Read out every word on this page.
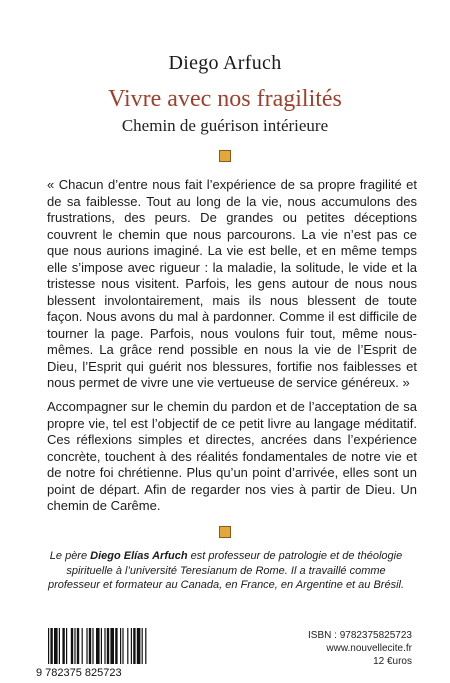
Diego Arfuch
Vivre avec nos fragilités
Chemin de guérison intérieure
« Chacun d’entre nous fait l’expérience de sa propre fragilité et de sa faiblesse. Tout au long de la vie, nous accumulons des frustrations, des peurs. De grandes ou petites déceptions couvrent le chemin que nous parcourons. La vie n’est pas ce que nous aurions imaginé. La vie est belle, et en même temps elle s’impose avec rigueur : la maladie, la solitude, le vide et la tristesse nous visitent. Parfois, les gens autour de nous nous blessent involontairement, mais ils nous blessent de toute façon. Nous avons du mal à pardonner. Comme il est difficile de tourner la page. Parfois, nous voulons fuir tout, même nous-mêmes. La grâce rend possible en nous la vie de l’Esprit de Dieu, l’Esprit qui guérit nos blessures, fortifie nos faiblesses et nous permet de vivre une vie vertueuse de service généreux. »
Accompagner sur le chemin du pardon et de l’acceptation de sa propre vie, tel est l’objectif de ce petit livre au langage méditatif. Ces réflexions simples et directes, ancrées dans l’expérience concrète, touchent à des réalités fondamentales de notre vie et de notre foi chrétienne. Plus qu’un point d’arrivée, elles sont un point de départ. Afin de regarder nos vies à partir de Dieu. Un chemin de Carême.
Le père Diego Elías Arfuch est professeur de patrologie et de théologie spirituelle à l’université Teresianum de Rome. Il a travaillé comme professeur et formateur au Canada, en France, en Argentine et au Brésil.
9 782375 825723
ISBN : 9782375825723
www.nouvellecite.fr
12 €uros
